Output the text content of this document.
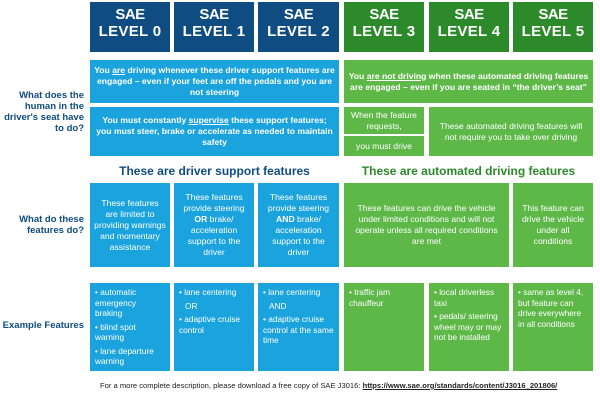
SAE
LEVEL 0
SAE
LEVEL 1
SAE
LEVEL 2
SAE
LEVEL 3
SAE
LEVEL 4
SAE
LEVEL 5
What does the human in the driver's seat have to do?
You are driving whenever these driver support features are engaged – even if your feet are off the pedals and you are not steering
You are not driving when these automated driving features are engaged – even if you are seated in “the driver’s seat”
You must constantly supervise these support features; you must steer, brake or accelerate as needed to maintain safety
When the feature requests,
you must drive
These automated driving features will not require you to take over driving
These are driver support features	These are automated driving features
What do these features do?
These features are limited to providing warnings and momentary assistance
These features provide steering
OR brake/ acceleration support to the driver
These features provide steering
AND brake/ acceleration support to the driver
These features can drive the vehicle under limited conditions and will not operate unless all required conditions are met
This feature can drive the vehicle under all conditions
Example Features
• automatic emergency braking
• blind spot warning
• lane departure warning
• lane centering
OR
• adaptive cruise control
• lane centering
AND
• adaptive cruise control at the same time
• traffic jam chauffeur
• local driverless taxi
• pedals/ steering wheel may or may not be installed
• same as level 4, but feature can drive everywhere in all conditions
For a more complete description, please download a free copy of SAE J3016: https://www.sae.org/standards/content/J3016_201806/
